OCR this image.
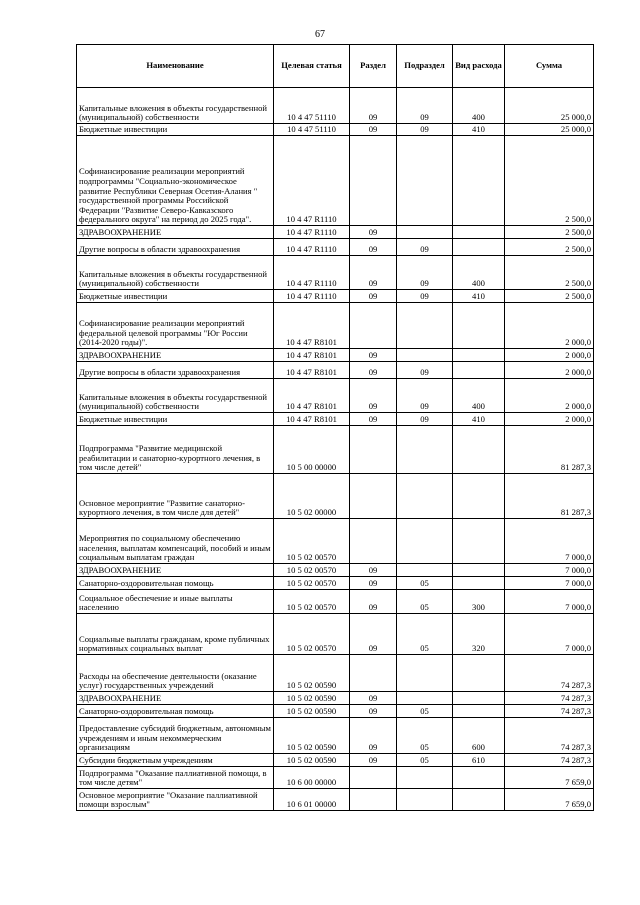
67
Наименование	Целевая статья	Раздел	Подраздел	Вид расхода	Сумма
Капитальные вложения в объекты государственной (муниципальной) собственности	10 4 47 51110	09	09	400	25 000,0
Бюджетные инвестиции	10 4 47 51110	09	09	410	25 000,0
Софинансирование реализации мероприятий подпрограммы "Социально-экономическое развитие Республики Северная Осетия-Алания " государственной программы Российской Федерации "Развитие Северо-Кавказского федерального округа" на период до 2025 года".	10 4 47 R1110				2 500,0
ЗДРАВООХРАНЕНИЕ	10 4 47 R1110	09			2 500,0
Другие вопросы в области здравоохранения	10 4 47 R1110	09	09		2 500,0
Капитальные вложения в объекты государственной (муниципальной) собственности	10 4 47 R1110	09	09	400	2 500,0
Бюджетные инвестиции	10 4 47 R1110	09	09	410	2 500,0
Софинансирование реализации мероприятий федеральной целевой программы "Юг России (2014-2020 годы)".	10 4 47 R8101				2 000,0
ЗДРАВООХРАНЕНИЕ	10 4 47 R8101	09			2 000,0
Другие вопросы в области здравоохранения	10 4 47 R8101	09	09		2 000,0
Капитальные вложения в объекты государственной (муниципальной) собственности	10 4 47 R8101	09	09	400	2 000,0
Бюджетные инвестиции	10 4 47 R8101	09	09	410	2 000,0
Подпрограмма "Развитие медицинской реабилитации и санаторно-курортного лечения, в том числе детей"	10 5 00 00000				81 287,3
Основное мероприятие "Развитие санаторно-курортного лечения, в том числе для детей"	10 5 02 00000				81 287,3
Мероприятия по социальному обеспечению населения, выплатам компенсаций, пособий и иным социальным выплатам граждан	10 5 02 00570				7 000,0
ЗДРАВООХРАНЕНИЕ	10 5 02 00570	09			7 000,0
Санаторно-оздоровительная помощь	10 5 02 00570	09	05		7 000,0
Социальное обеспечение и иные выплаты населению	10 5 02 00570	09	05	300	7 000,0
Социальные выплаты гражданам, кроме публичных нормативных социальных выплат	10 5 02 00570	09	05	320	7 000,0
Расходы на обеспечение деятельности (оказание услуг) государственных учреждений	10 5 02 00590				74 287,3
ЗДРАВООХРАНЕНИЕ	10 5 02 00590	09			74 287,3
Санаторно-оздоровительная помощь	10 5 02 00590	09	05		74 287,3
Предоставление субсидий бюджетным, автономным учреждениям и иным некоммерческим организациям	10 5 02 00590	09	05	600	74 287,3
Субсидии бюджетным учреждениям	10 5 02 00590	09	05	610	74 287,3
Подпрограмма "Оказание паллиативной помощи, в том числе детям"	10 6 00 00000				7 659,0
Основное мероприятие "Оказание паллиативной помощи взрослым"	10 6 01 00000				7 659,0
